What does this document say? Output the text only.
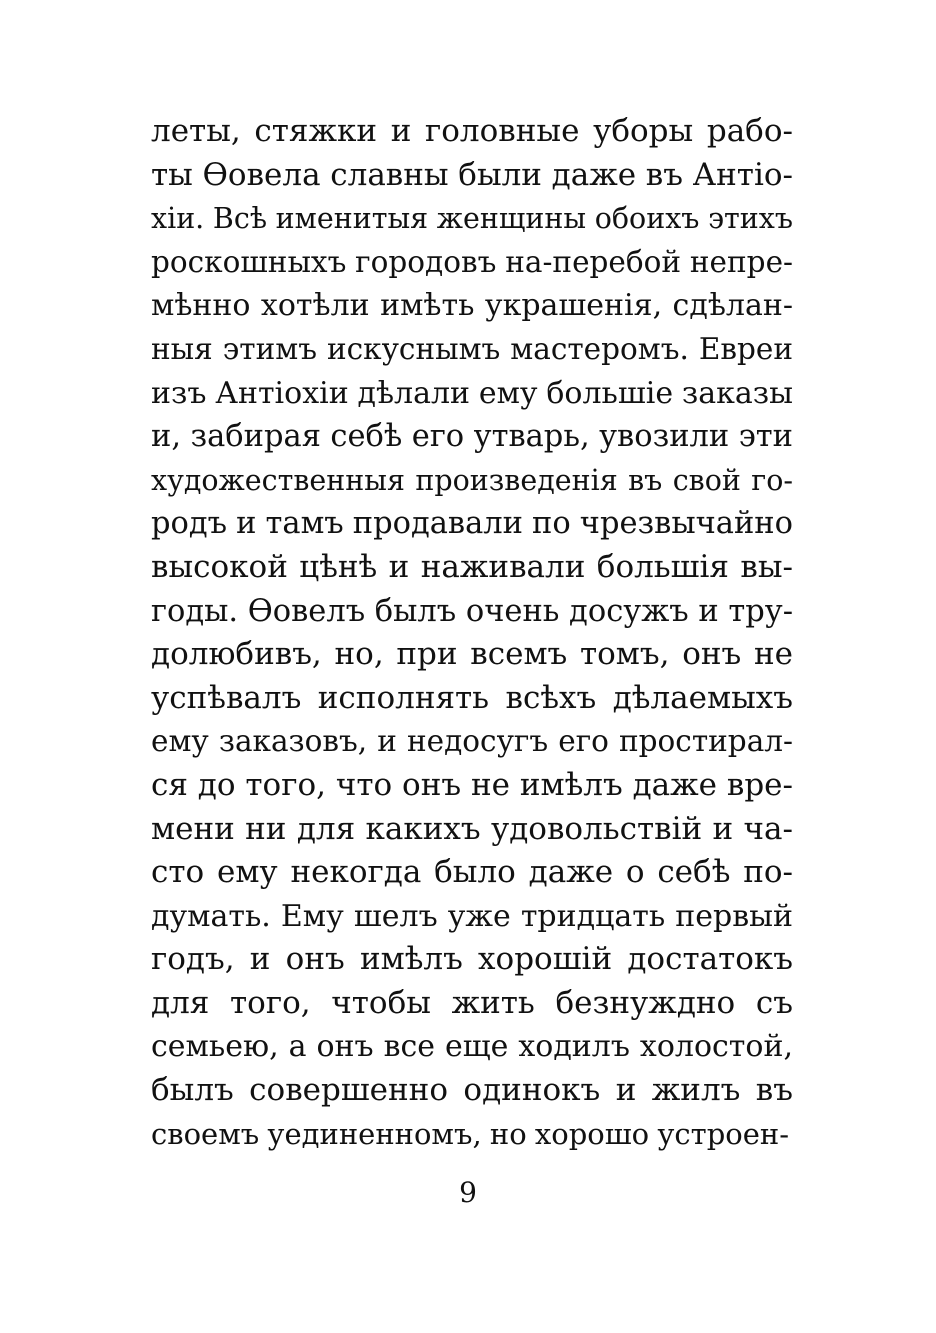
леты, стяжки и головные уборы рабо-
ты Ѳовела славны были даже въ Антіо-
хіи. Всѣ именитыя женщины обоихъ этихъ
роскошныхъ городовъ на-перебой непре-
мѣнно хотѣли имѣть украшенія, сдѣлан-
ныя этимъ искуснымъ мастеромъ. Евреи
изъ Антіохіи дѣлали ему большіе заказы
и, забирая себѣ его утварь, увозили эти
художественныя произведенія въ свой го-
родъ и тамъ продавали по чрезвычайно
высокой цѣнѣ и наживали большія вы-
годы. Ѳовелъ былъ очень досужъ и тру-
долюбивъ, но, при всемъ томъ, онъ не
успѣвалъ исполнять всѣхъ дѣлаемыхъ
ему заказовъ, и недосугъ его простирал-
ся до того, что онъ не имѣлъ даже вре-
мени ни для какихъ удовольствій и ча-
сто ему некогда было даже о себѣ по-
думать. Ему шелъ уже тридцать первый
годъ, и онъ имѣлъ хорошій достатокъ
для того, чтобы жить безнуждно съ
семьею, а онъ все еще ходилъ холостой,
былъ совершенно одинокъ и жилъ въ
своемъ уединенномъ, но хорошо устроен-
9
